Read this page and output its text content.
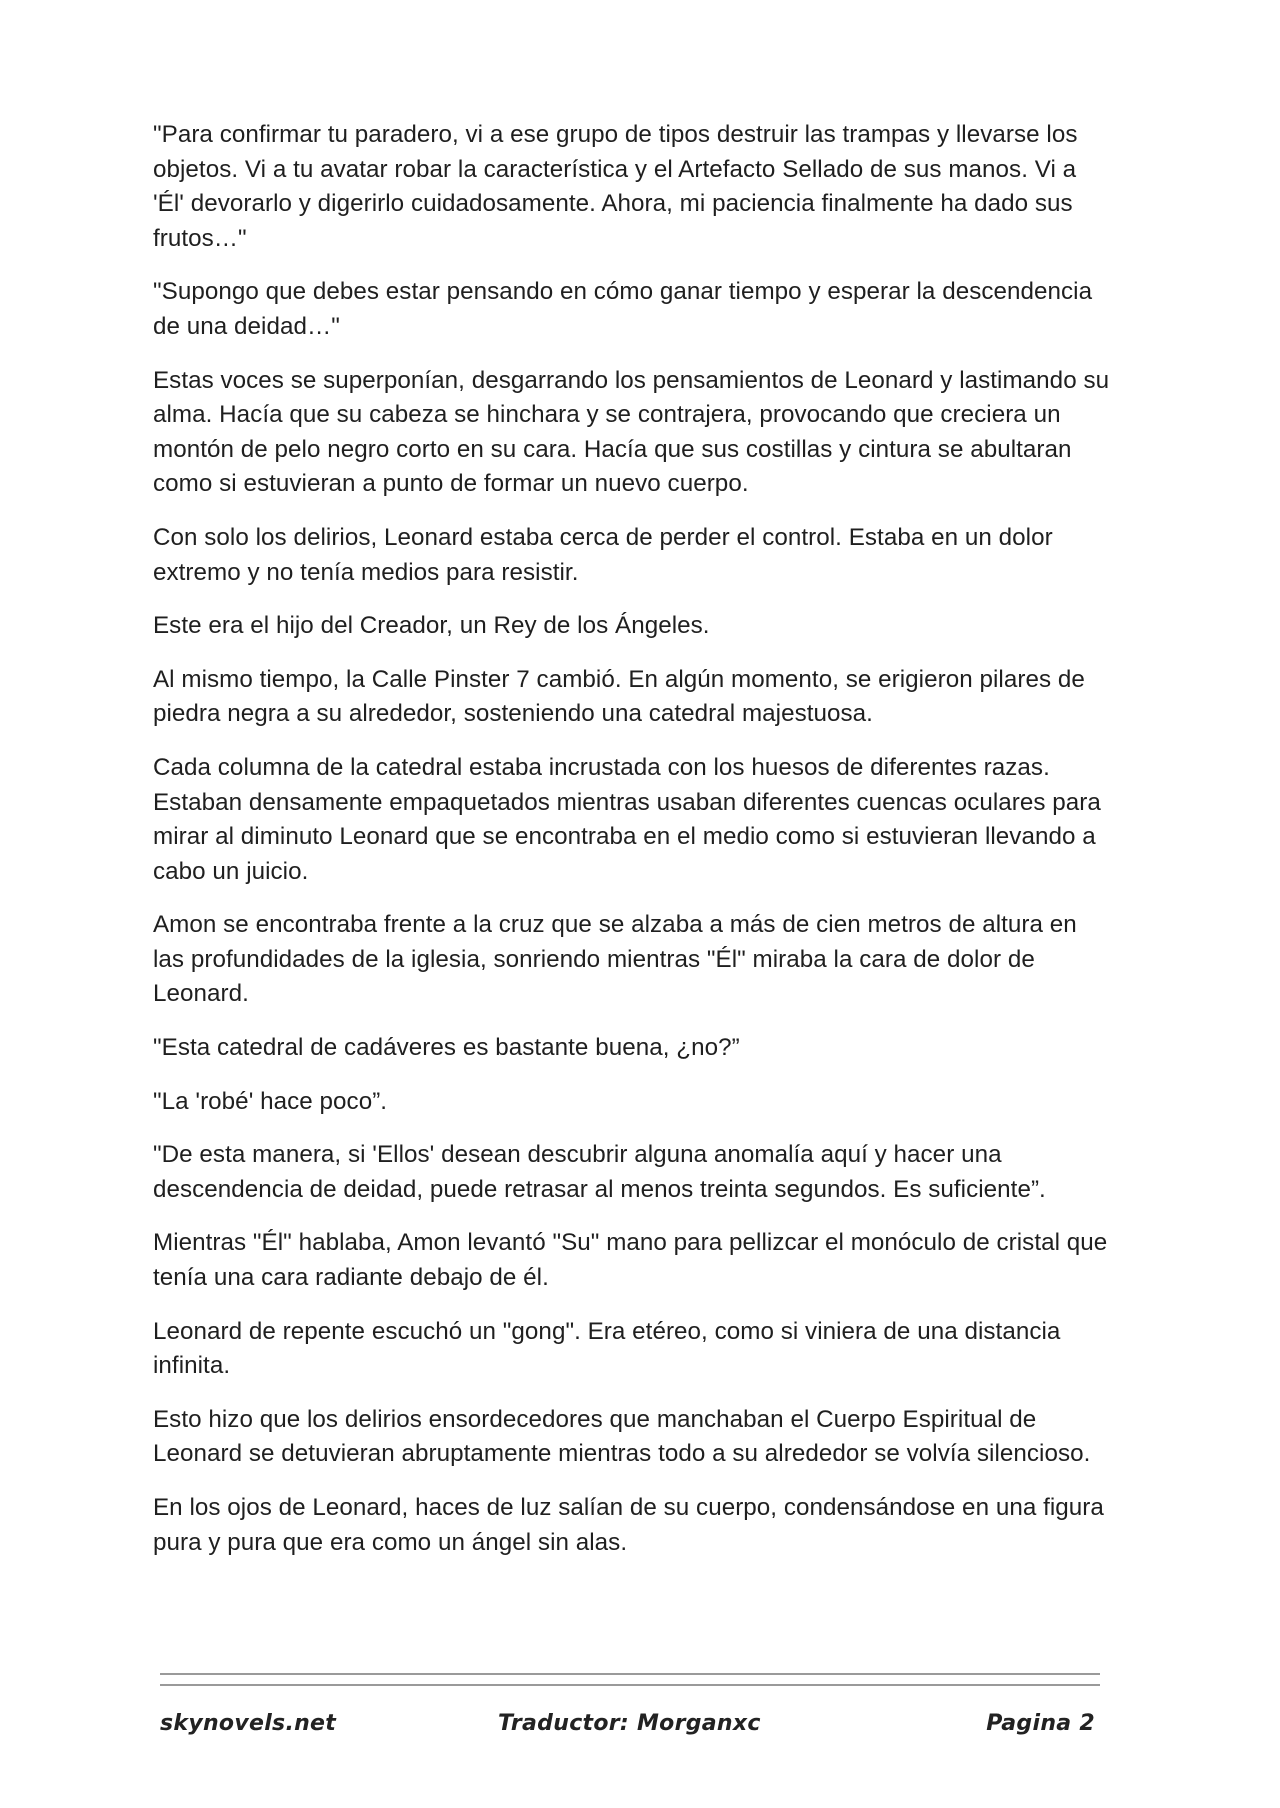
"Para confirmar tu paradero, vi a ese grupo de tipos destruir las trampas y llevarse los objetos. Vi a tu avatar robar la característica y el Artefacto Sellado de sus manos. Vi a 'Él' devorarlo y digerirlo cuidadosamente. Ahora, mi paciencia finalmente ha dado sus frutos…"

"Supongo que debes estar pensando en cómo ganar tiempo y esperar la descendencia de una deidad…"

Estas voces se superponían, desgarrando los pensamientos de Leonard y lastimando su alma. Hacía que su cabeza se hinchara y se contrajera, provocando que creciera un montón de pelo negro corto en su cara. Hacía que sus costillas y cintura se abultaran como si estuvieran a punto de formar un nuevo cuerpo.

Con solo los delirios, Leonard estaba cerca de perder el control. Estaba en un dolor extremo y no tenía medios para resistir.

Este era el hijo del Creador, un Rey de los Ángeles.

Al mismo tiempo, la Calle Pinster 7 cambió. En algún momento, se erigieron pilares de piedra negra a su alrededor, sosteniendo una catedral majestuosa.

Cada columna de la catedral estaba incrustada con los huesos de diferentes razas. Estaban densamente empaquetados mientras usaban diferentes cuencas oculares para mirar al diminuto Leonard que se encontraba en el medio como si estuvieran llevando a cabo un juicio.

Amon se encontraba frente a la cruz que se alzaba a más de cien metros de altura en las profundidades de la iglesia, sonriendo mientras "Él" miraba la cara de dolor de Leonard.

"Esta catedral de cadáveres es bastante buena, ¿no?”

"La 'robé' hace poco”.

"De esta manera, si 'Ellos' desean descubrir alguna anomalía aquí y hacer una descendencia de deidad, puede retrasar al menos treinta segundos. Es suficiente”.

Mientras "Él" hablaba, Amon levantó "Su" mano para pellizcar el monóculo de cristal que tenía una cara radiante debajo de él.

Leonard de repente escuchó un "gong". Era etéreo, como si viniera de una distancia infinita.

Esto hizo que los delirios ensordecedores que manchaban el Cuerpo Espiritual de Leonard se detuvieran abruptamente mientras todo a su alrededor se volvía silencioso.

En los ojos de Leonard, haces de luz salían de su cuerpo, condensándose en una figura pura y pura que era como un ángel sin alas.

skynovels.net	Traductor: Morganxc	Pagina 2
